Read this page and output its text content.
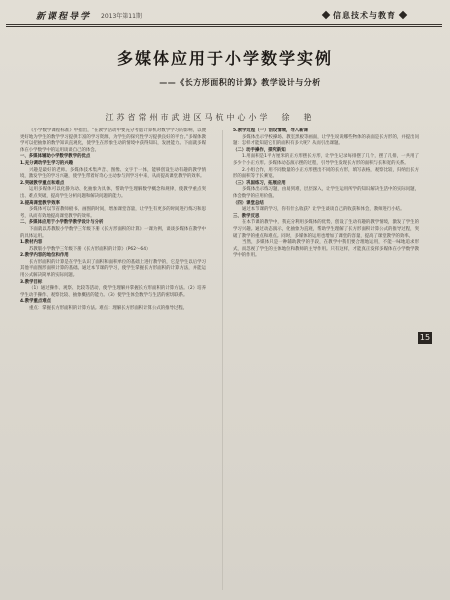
新课程导学 2013年第11期	信息技术与教育
多媒体应用于小学数学实例
——《长方形面积的计算》教学设计与分析
江苏省常州市武进区马杭中心小学　徐　艳

《小学数学课程标准》中指出，“在教学活动中要充分考虑计算机对数学学习的影响，以便更好地为学生的数学学习提供丰富的学习资源，为学生的探究性学习提供良好的平台。”多媒体教学可以把抽象的数学知识直观化，使学生在形象生动的情境中获得知识，发展能力。下面就多媒体在小学数学中的运用谈谈自己的体会。

一、多媒体辅助小学数学教学的优点

1.充分调动学生学习的兴趣

兴趣是最好的老师。多媒体技术集声音、图像、文字于一体，能够创设生动有趣的教学情境，激发学生的学习兴趣，使学生带着好奇心主动参与到学习中来，从而提高课堂教学的效率。

2.突破教学重点和难点

运用多媒体可以化静为动、化抽象为具体，帮助学生理解数学概念和规律，使教学重点突出、难点突破，提高学生分析问题和解决问题的能力。

3.提高课堂教学效率

多媒体可以节省教师板书、画图的时间，增加课堂容量，让学生有更多的时间进行练习和思考，从而有效地提高课堂教学的效率。

二、多媒体应用于小学数学教学设计与分析

下面就以苏教版小学数学三年级下册《长方形面积的计算》一课为例，谈谈多媒体在教学中的具体运用。

1.教材内容

苏教版小学数学三年级下册《长方形面积的计算》（P62～64）

2.教学内容的地位和作用

长方形面积的计算是在学生认识了面积和面积单位的基础上进行教学的，它是学生以后学习其他平面图形面积计算的基础。通过本节课的学习，使学生掌握长方形面积的计算方法，并能运用公式解决简单的实际问题。

3.教学目标

（1）通过操作、观察、比较等活动，使学生理解并掌握长方形面积的计算方法。（2）培养学生动手操作、观察比较、抽象概括的能力。（3）使学生体会数学与生活的密切联系。

4.教学重点难点

重点：掌握长方形面积的计算方法。难点：理解长方形面积计算公式的推导过程。

5.教学过程（一）创设情境，导入新课

多媒体出示学校操场、教室黑板等画面，让学生说说哪些物体的表面是长方形的，并提出问题：怎样才能知道它们的面积有多大呢？从而引出课题。

（二）动手操作，探究新知

1.用面积是1平方厘米的正方形摆长方形，让学生记录每排摆了几个，摆了几排，一共用了多少个小正方形。多媒体动态演示摆的过程，引导学生发现长方形的面积与长和宽的关系。

2.小组合作，用不同数量的小正方形摆出不同的长方形，填写表格，观察比较，归纳出长方形的面积等于长乘宽。

（三）巩固练习，拓展应用

多媒体出示练习题，由易到难，层层深入，让学生运用所学的知识解决生活中的实际问题，体会数学的应用价值。

（四）课堂总结

通过本节课的学习，你有什么收获？让学生谈谈自己的收获和体会，教师进行小结。

三、教学反思

在本节课的教学中，我充分利用多媒体的优势，创设了生动有趣的教学情境，激发了学生的学习兴趣。通过动态演示，化抽象为直观，帮助学生理解了长方形面积计算公式的推导过程，突破了教学的重点和难点。同时，多媒体的运用也增加了课堂的容量，提高了课堂教学的效率。

当然，多媒体只是一种辅助教学的手段，在教学中我们要合理地运用，不能一味地追求形式，而忽视了学生的主体地位和教师的主导作用。只有这样，才能真正发挥多媒体在小学数学教学中的作用。

15
